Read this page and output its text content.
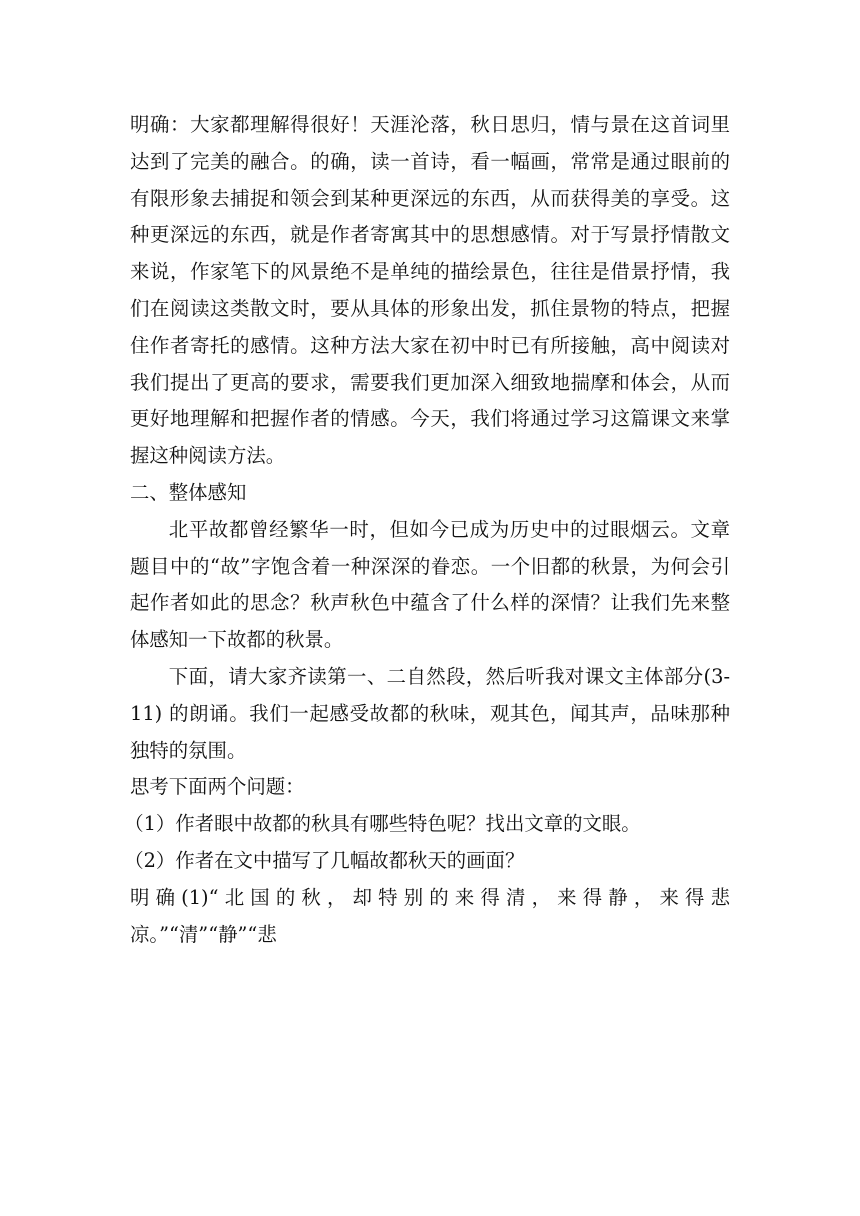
明确：大家都理解得很好！天涯沦落，秋日思归，情与景在这首词里达到了完美的融合。的确，读一首诗，看一幅画，常常是通过眼前的有限形象去捕捉和领会到某种更深远的东西，从而获得美的享受。这种更深远的东西，就是作者寄寓其中的思想感情。对于写景抒情散文来说，作家笔下的风景绝不是单纯的描绘景色，往往是借景抒情，我们在阅读这类散文时，要从具体的形象出发，抓住景物的特点，把握住作者寄托的感情。这种方法大家在初中时已有所接触，高中阅读对我们提出了更高的要求，需要我们更加深入细致地揣摩和体会，从而更好地理解和把握作者的情感。今天，我们将通过学习这篇课文来掌握这种阅读方法。

二、整体感知

北平故都曾经繁华一时，但如今已成为历史中的过眼烟云。文章题目中的“故”字饱含着一种深深的眷恋。一个旧都的秋景，为何会引起作者如此的思念？秋声秋色中蕴含了什么样的深情？让我们先来整体感知一下故都的秋景。

下面，请大家齐读第一、二自然段，然后听我对课文主体部分(3-11) 的朗诵。我们一起感受故都的秋味，观其色，闻其声，品味那种独特的氛围。

思考下面两个问题：

（1）作者眼中故都的秋具有哪些特色呢？找出文章的文眼。

（2）作者在文中描写了几幅故都秋天的画面？

明确(1)“北国的秋，却特别的来得清，来得静，来得悲凉。”“清”“静”“悲
